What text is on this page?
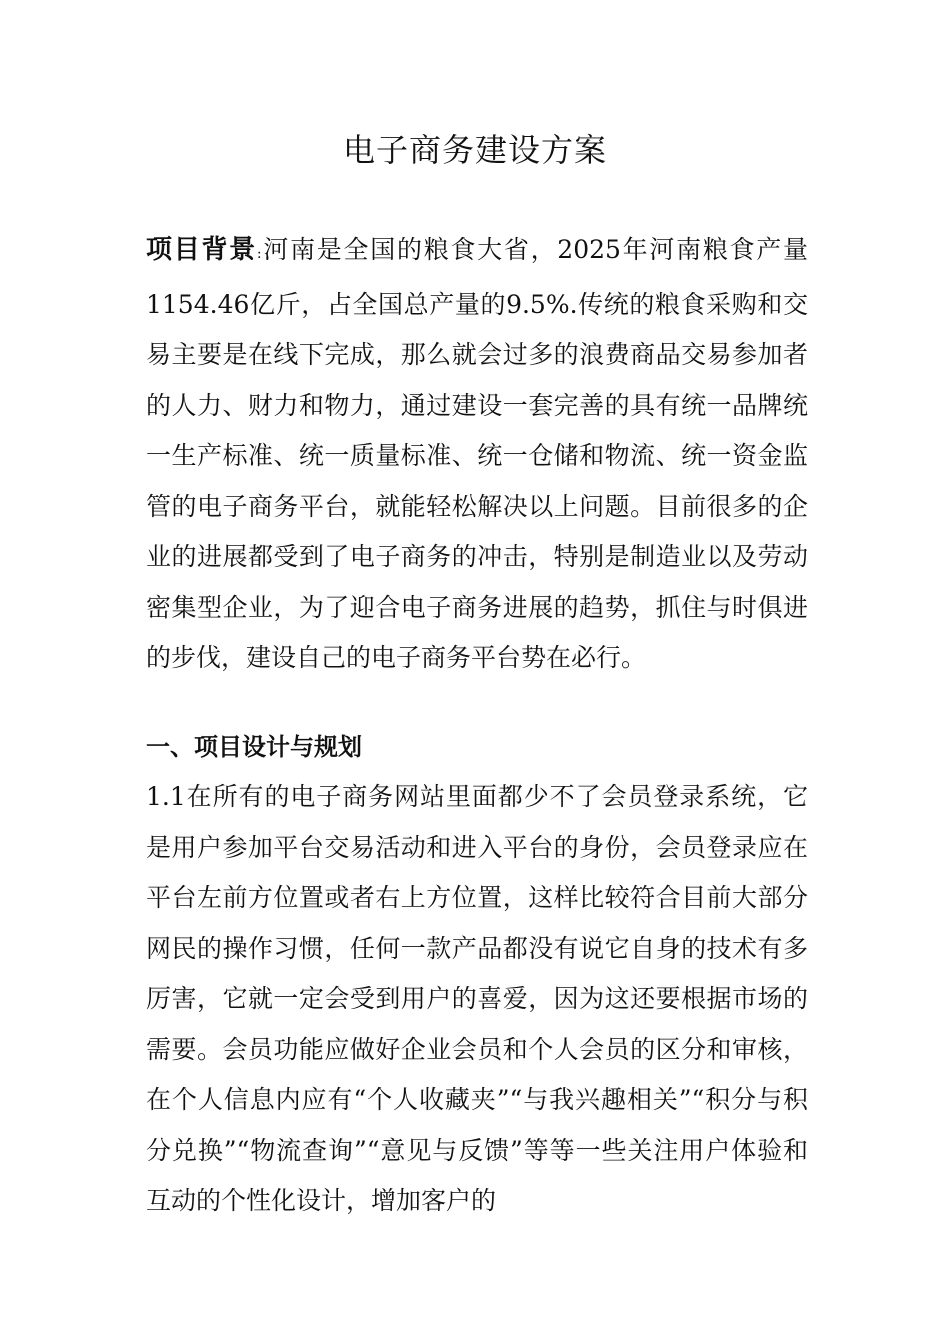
电子商务建设方案

项目背景:河南是全国的粮食大省，2025年河南粮食产量1154.46亿斤，占全国总产量的9.5%.传统的粮食采购和交易主要是在线下完成，那么就会过多的浪费商品交易参加者的人力、财力和物力，通过建设一套完善的具有统一品牌统一生产标准、统一质量标准、统一仓储和物流、统一资金监管的电子商务平台，就能轻松解决以上问题。目前很多的企业的进展都受到了电子商务的冲击，特别是制造业以及劳动密集型企业，为了迎合电子商务进展的趋势，抓住与时俱进的步伐，建设自己的电子商务平台势在必行。

一、项目设计与规划

1.1在所有的电子商务网站里面都少不了会员登录系统，它是用户参加平台交易活动和进入平台的身份，会员登录应在平台左前方位置或者右上方位置，这样比较符合目前大部分网民的操作习惯，任何一款产品都没有说它自身的技术有多厉害，它就一定会受到用户的喜爱，因为这还要根据市场的需要。会员功能应做好企业会员和个人会员的区分和审核，在个人信息内应有“个人收藏夹”“与我兴趣相关”“积分与积分兑换”“物流查询”“意见与反馈”等等一些关注用户体验和互动的个性化设计，增加客户的
